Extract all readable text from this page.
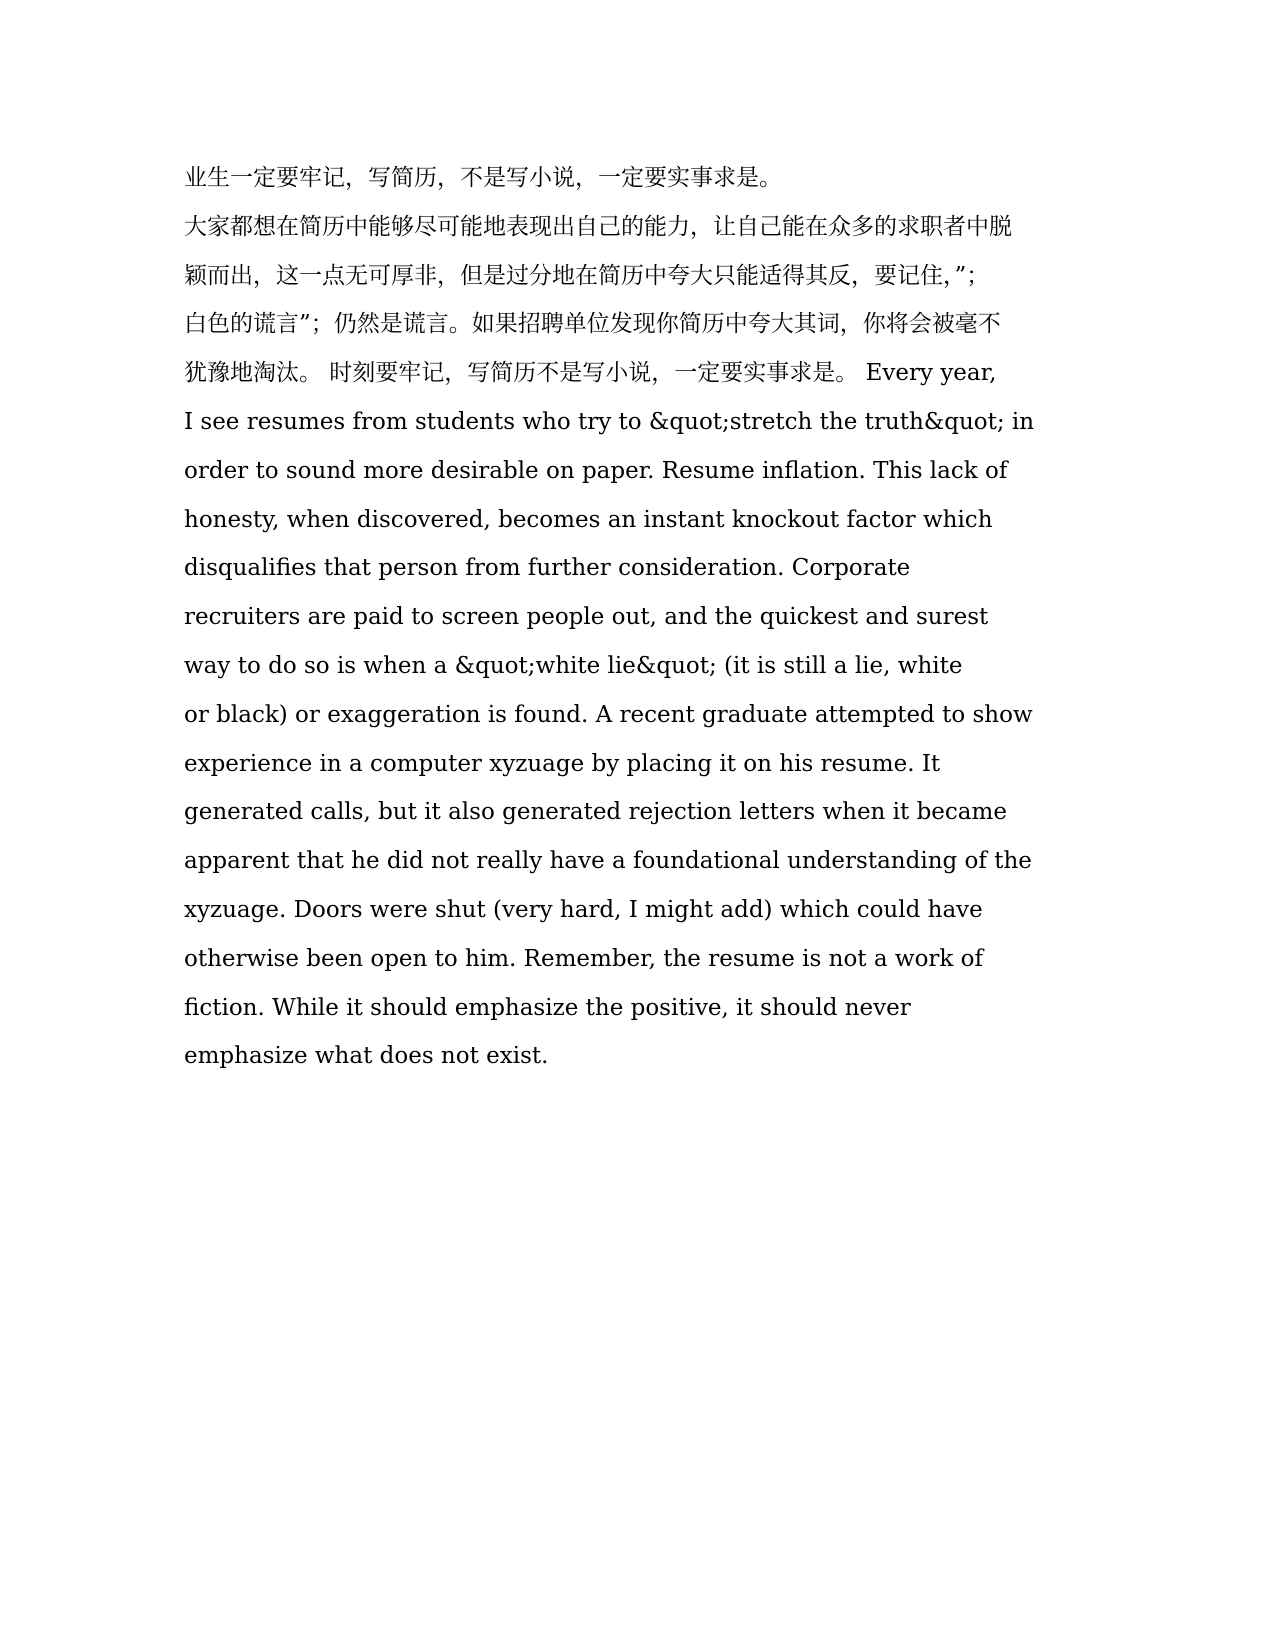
业生一定要牢记，写简历，不是写小说，一定要实事求是。

大家都想在简历中能够尽可能地表现出自己的能力，让自己能在众多的求职者中脱
颖而出，这一点无可厚非，但是过分地在简历中夸大只能适得其反，要记住，”；
白色的谎言”；仍然是谎言。如果招聘单位发现你简历中夸大其词，你将会被毫不
犹豫地淘汰。 时刻要牢记，写简历不是写小说，一定要实事求是。 Every year,
I see resumes from students who try to &quot;stretch the truth&quot; in
order to sound more desirable on paper. Resume inflation. This lack of
honesty, when discovered, becomes an instant knockout factor which
disqualifies that person from further consideration. Corporate
recruiters are paid to screen people out, and the quickest and surest
way to do so is when a &quot;white lie&quot; (it is still a lie, white
or black) or exaggeration is found. A recent graduate attempted to show
experience in a computer xyzuage by placing it on his resume. It
generated calls, but it also generated rejection letters when it became
apparent that he did not really have a foundational understanding of the
xyzuage. Doors were shut (very hard, I might add) which could have
otherwise been open to him. Remember, the resume is not a work of
fiction. While it should emphasize the positive, it should never
emphasize what does not exist.
